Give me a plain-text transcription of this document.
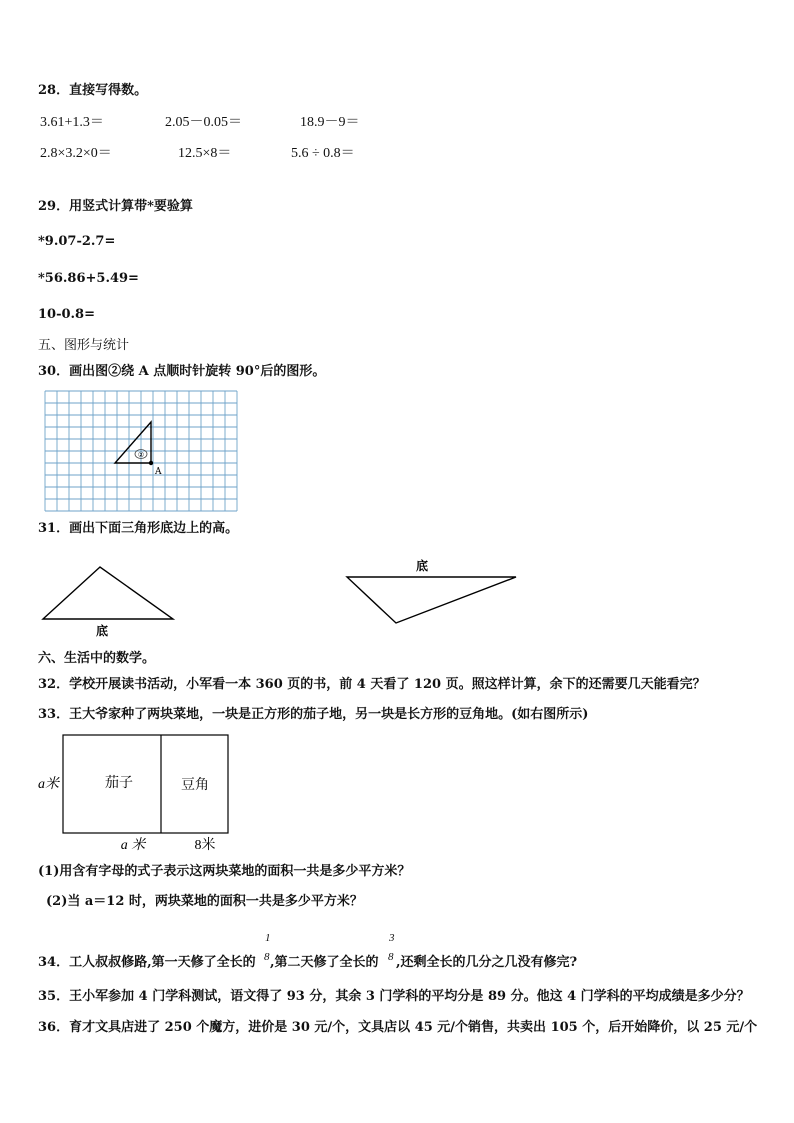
28．直接写得数。
3.61+1.3＝	2.05－0.05＝	18.9－9＝
2.8×3.2×0＝	12.5×8＝	5.6 ÷ 0.8＝
29．用竖式计算带*要验算
*9.07-2.7=
*56.86+5.49=
10-0.8=
五、图形与统计
30．画出图②绕 A 点顺时针旋转 90°后的图形。
②
A
31．画出下面三角形底边上的高。
底
底
六、生活中的数学。
32．学校开展读书活动，小军看一本 360 页的书，前 4 天看了 120 页。照这样计算，余下的还需要几天能看完？
33．王大爷家种了两块菜地，一块是正方形的茄子地，另一块是长方形的豆角地。(如右图所示)
a米	茄子	豆角
a 米	8米
(1)用含有字母的式子表示这两块菜地的面积一共是多少平方米？
(2)当 a＝12 时，两块菜地的面积一共是多少平方米？
34．工人叔叔修路,第一天修了全长的
1
8 ,第二天修了全长的
3
8 ,还剩全长的几分之几没有修完?
35．王小军参加 4 门学科测试，语文得了 93 分，其余 3 门学科的平均分是 89 分。他这 4 门学科的平均成绩是多少分？
36．育才文具店进了 250 个魔方，进价是 30 元/个，文具店以 45 元/个销售，共卖出 105 个，后开始降价，以 25 元/个
